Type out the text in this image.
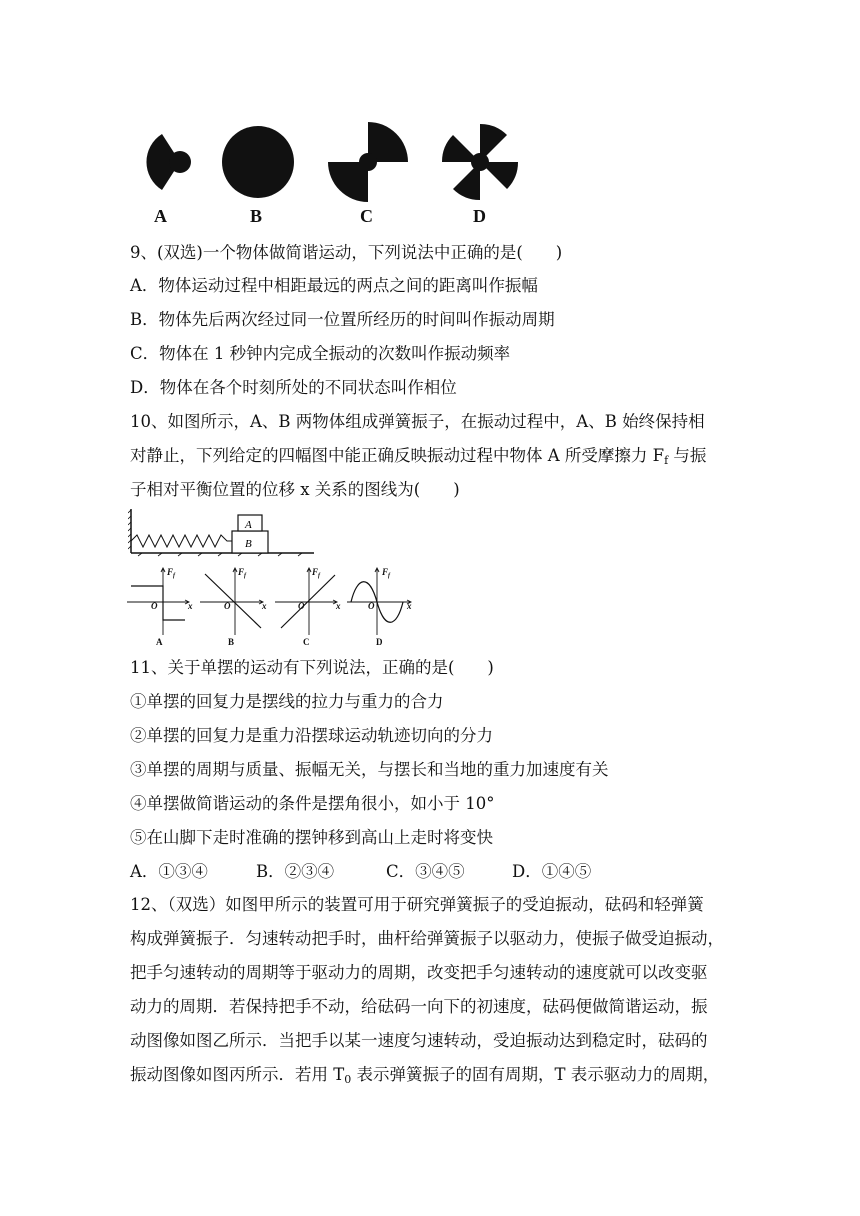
A	B	C	D
9、(双选)一个物体做简谐运动，下列说法中正确的是(　　)
A．物体运动过程中相距最远的两点之间的距离叫作振幅
B．物体先后两次经过同一位置所经历的时间叫作振动周期
C．物体在 1 秒钟内完成全振动的次数叫作振动频率
D．物体在各个时刻所处的不同状态叫作相位
10、如图所示，A、B 两物体组成弹簧振子，在振动过程中，A、B 始终保持相
对静止，下列给定的四幅图中能正确反映振动过程中物体 A 所受摩擦力 $F_f$ 与振
子相对平衡位置的位移 x 关系的图线为(　　)
A
B
$F_f$	$F_f$	$F_f$	$F_f$
x	x	x	x
O	O	O	O
A	B	C	D
11、关于单摆的运动有下列说法，正确的是(　　)
①单摆的回复力是摆线的拉力与重力的合力
②单摆的回复力是重力沿摆球运动轨迹切向的分力
③单摆的周期与质量、振幅无关，与摆长和当地的重力加速度有关
④单摆做简谐运动的条件是摆角很小，如小于 10°
⑤在山脚下走时准确的摆钟移到高山上走时将变快
A．①③④	B．②③④	C．③④⑤	D．①④⑤
12、（双选）如图甲所示的装置可用于研究弹簧振子的受迫振动，砝码和轻弹簧
构成弹簧振子．匀速转动把手时，曲杆给弹簧振子以驱动力，使振子做受迫振动，
把手匀速转动的周期等于驱动力的周期，改变把手匀速转动的速度就可以改变驱
动力的周期．若保持把手不动，给砝码一向下的初速度，砝码便做简谐运动，振
动图像如图乙所示．当把手以某一速度匀速转动，受迫振动达到稳定时，砝码的
振动图像如图丙所示．若用 $T_0$ 表示弹簧振子的固有周期，T 表示驱动力的周期，
